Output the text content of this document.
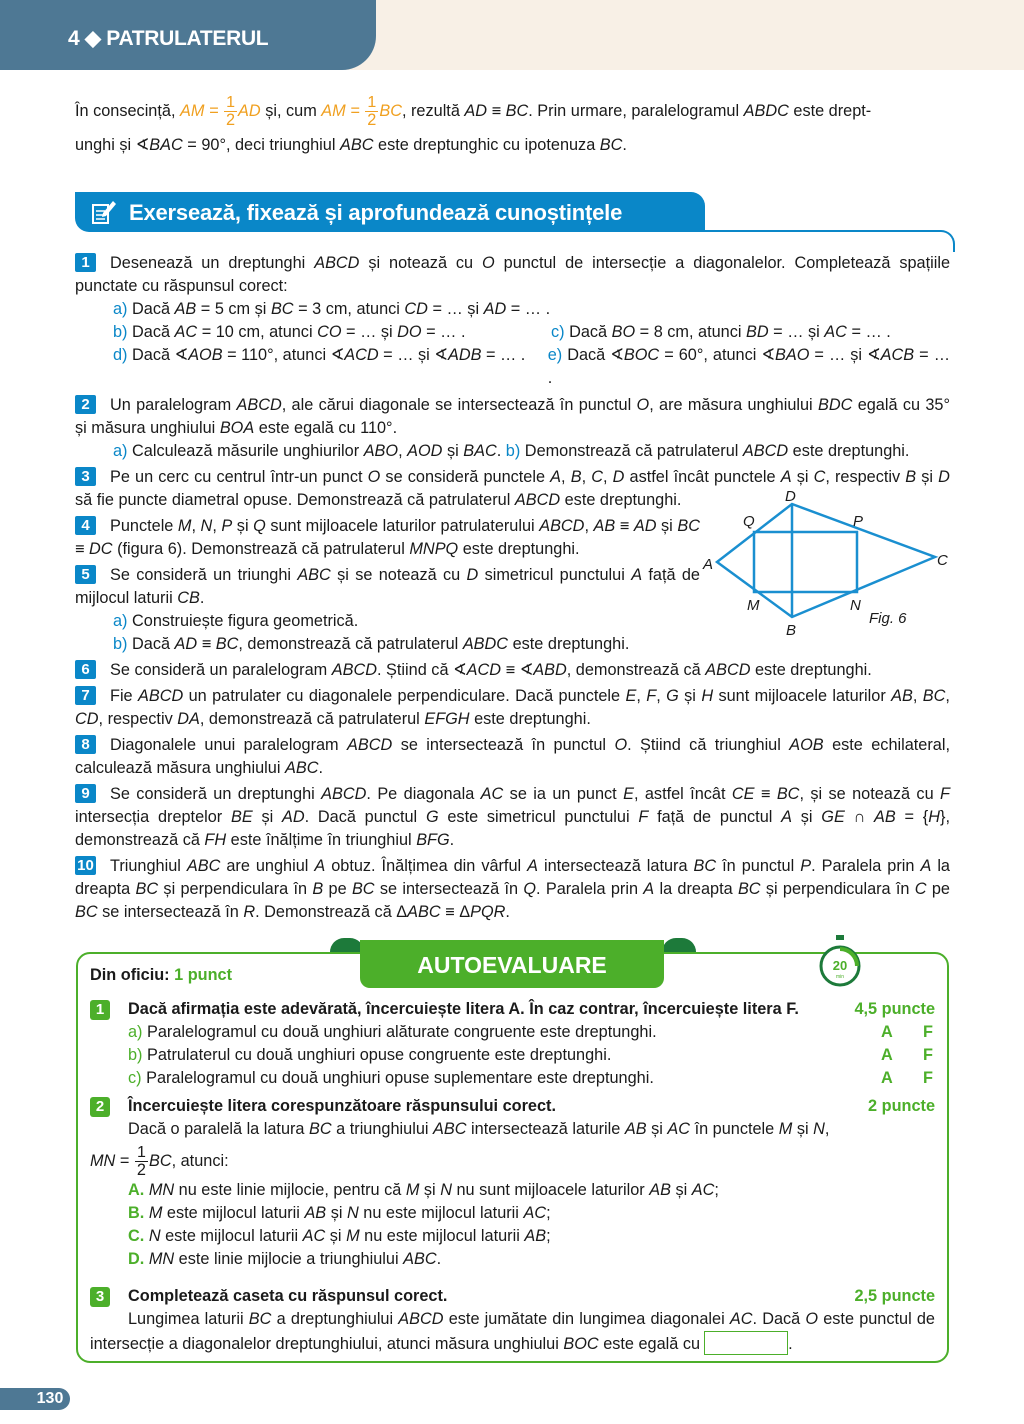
4 ◆ PATRULATERUL
În consecință, AM = $\frac{1}{2}$ AD și, cum AM = $\frac{1}{2}$ BC, rezultă AD ≡ BC. Prin urmare, paralelogramul ABDC este drept-
unghi și ∢BAC = 90°, deci triunghiul ABC este dreptunghic cu ipotenuza BC.
Exersează, fixează și aprofundează cunoștințele
1 Desenează un dreptunghi ABCD și notează cu O punctul de intersecție a diagonalelor. Completează spațiile punctate cu răspunsul corect:
a) Dacă AB = 5 cm și BC = 3 cm, atunci CD = … și AD = … .
b) Dacă AC = 10 cm, atunci CO = … și DO = … .	c) Dacă BO = 8 cm, atunci BD = … și AC = … .
d) Dacă ∢AOB = 110°, atunci ∢ACD = … și ∢ADB = … .	e) Dacă ∢BOC = 60°, atunci ∢BAO = … și ∢ACB = … .
2 Un paralelogram ABCD, ale cărui diagonale se intersectează în punctul O, are măsura unghiului BDC egală cu 35° și măsura unghiului BOA este egală cu 110°.
a) Calculează măsurile unghiurilor ABO, AOD și BAC. b) Demonstrează că patrulaterul ABCD este dreptunghi.
3 Pe un cerc cu centrul într-un punct O se consideră punctele A, B, C, D astfel încât punctele A și C, respectiv B și D să fie puncte diametral opuse. Demonstrează că patrulaterul ABCD este dreptunghi.
4 Punctele M, N, P și Q sunt mijloacele laturilor patrulaterului ABCD, AB ≡ AD și BC ≡ DC (figura 6). Demonstrează că patrulaterul MNPQ este dreptunghi.
5 Se consideră un triunghi ABC și se notează cu D simetricul punctului A față de mijlocul laturii CB.
a) Construiește figura geometrică.
b) Dacă AD ≡ BC, demonstrează că patrulaterul ABDC este dreptunghi.
6 Se consideră un paralelogram ABCD. Știind că ∢ACD ≡ ∢ABD, demonstrează că ABCD este dreptunghi.
7 Fie ABCD un patrulater cu diagonalele perpendiculare. Dacă punctele E, F, G și H sunt mijloacele laturilor AB, BC, CD, respectiv DA, demonstrează că patrulaterul EFGH este dreptunghi.
8 Diagonalele unui paralelogram ABCD se intersectează în punctul O. Știind că triunghiul AOB este echilateral, calculează măsura unghiului ABC.
9 Se consideră un dreptunghi ABCD. Pe diagonala AC se ia un punct E, astfel încât CE ≡ BC, și se notează cu F intersecția dreptelor BE și AD. Dacă punctul G este simetricul punctului F față de punctul A și GE ∩ AB = {H}, demonstrează că FH este înălțime în triunghiul BFG.
10 Triunghiul ABC are unghiul A obtuz. Înălțimea din vârful A intersectează latura BC în punctul P. Paralela prin A la dreapta BC și perpendiculara în B pe BC se intersectează în Q. Paralela prin A la dreapta BC și perpendiculara în C pe BC se intersectează în R. Demonstrează că ΔABC ≡ ΔPQR.
A
B
C
D
M	N
P
Q
Fig. 6
AUTOEVALUARE	20
min
Din oficiu: 1 punct
1 Dacă afirmația este adevărată, încercuiește litera A. În caz contrar, încercuiește litera F.	4,5 puncte
a) Paralelogramul cu două unghiuri alăturate congruente este dreptunghi.	A F
b) Patrulaterul cu două unghiuri opuse congruente este dreptunghi.	A F
c) Paralelogramul cu două unghiuri opuse suplementare este dreptunghi.	A F
2 Încercuiește litera corespunzătoare răspunsului corect.	2 puncte
Dacă o paralelă la latura BC a triunghiului ABC intersectează laturile AB și AC în punctele M și N,
MN = $\frac{1}{2}$ BC, atunci:
A. MN nu este linie mijlocie, pentru că M și N nu sunt mijloacele laturilor AB și AC;
B. M este mijlocul laturii AB și N nu este mijlocul laturii AC;
C. N este mijlocul laturii AC și M nu este mijlocul laturii AB;
D. MN este linie mijlocie a triunghiului ABC.
3 Completează caseta cu răspunsul corect.	2,5 puncte
Lungimea laturii BC a dreptunghiului ABCD este jumătate din lungimea diagonalei AC. Dacă O este punctul de intersecție a diagonalelor dreptunghiului, atunci măsura unghiului BOC este egală cu	.
130
